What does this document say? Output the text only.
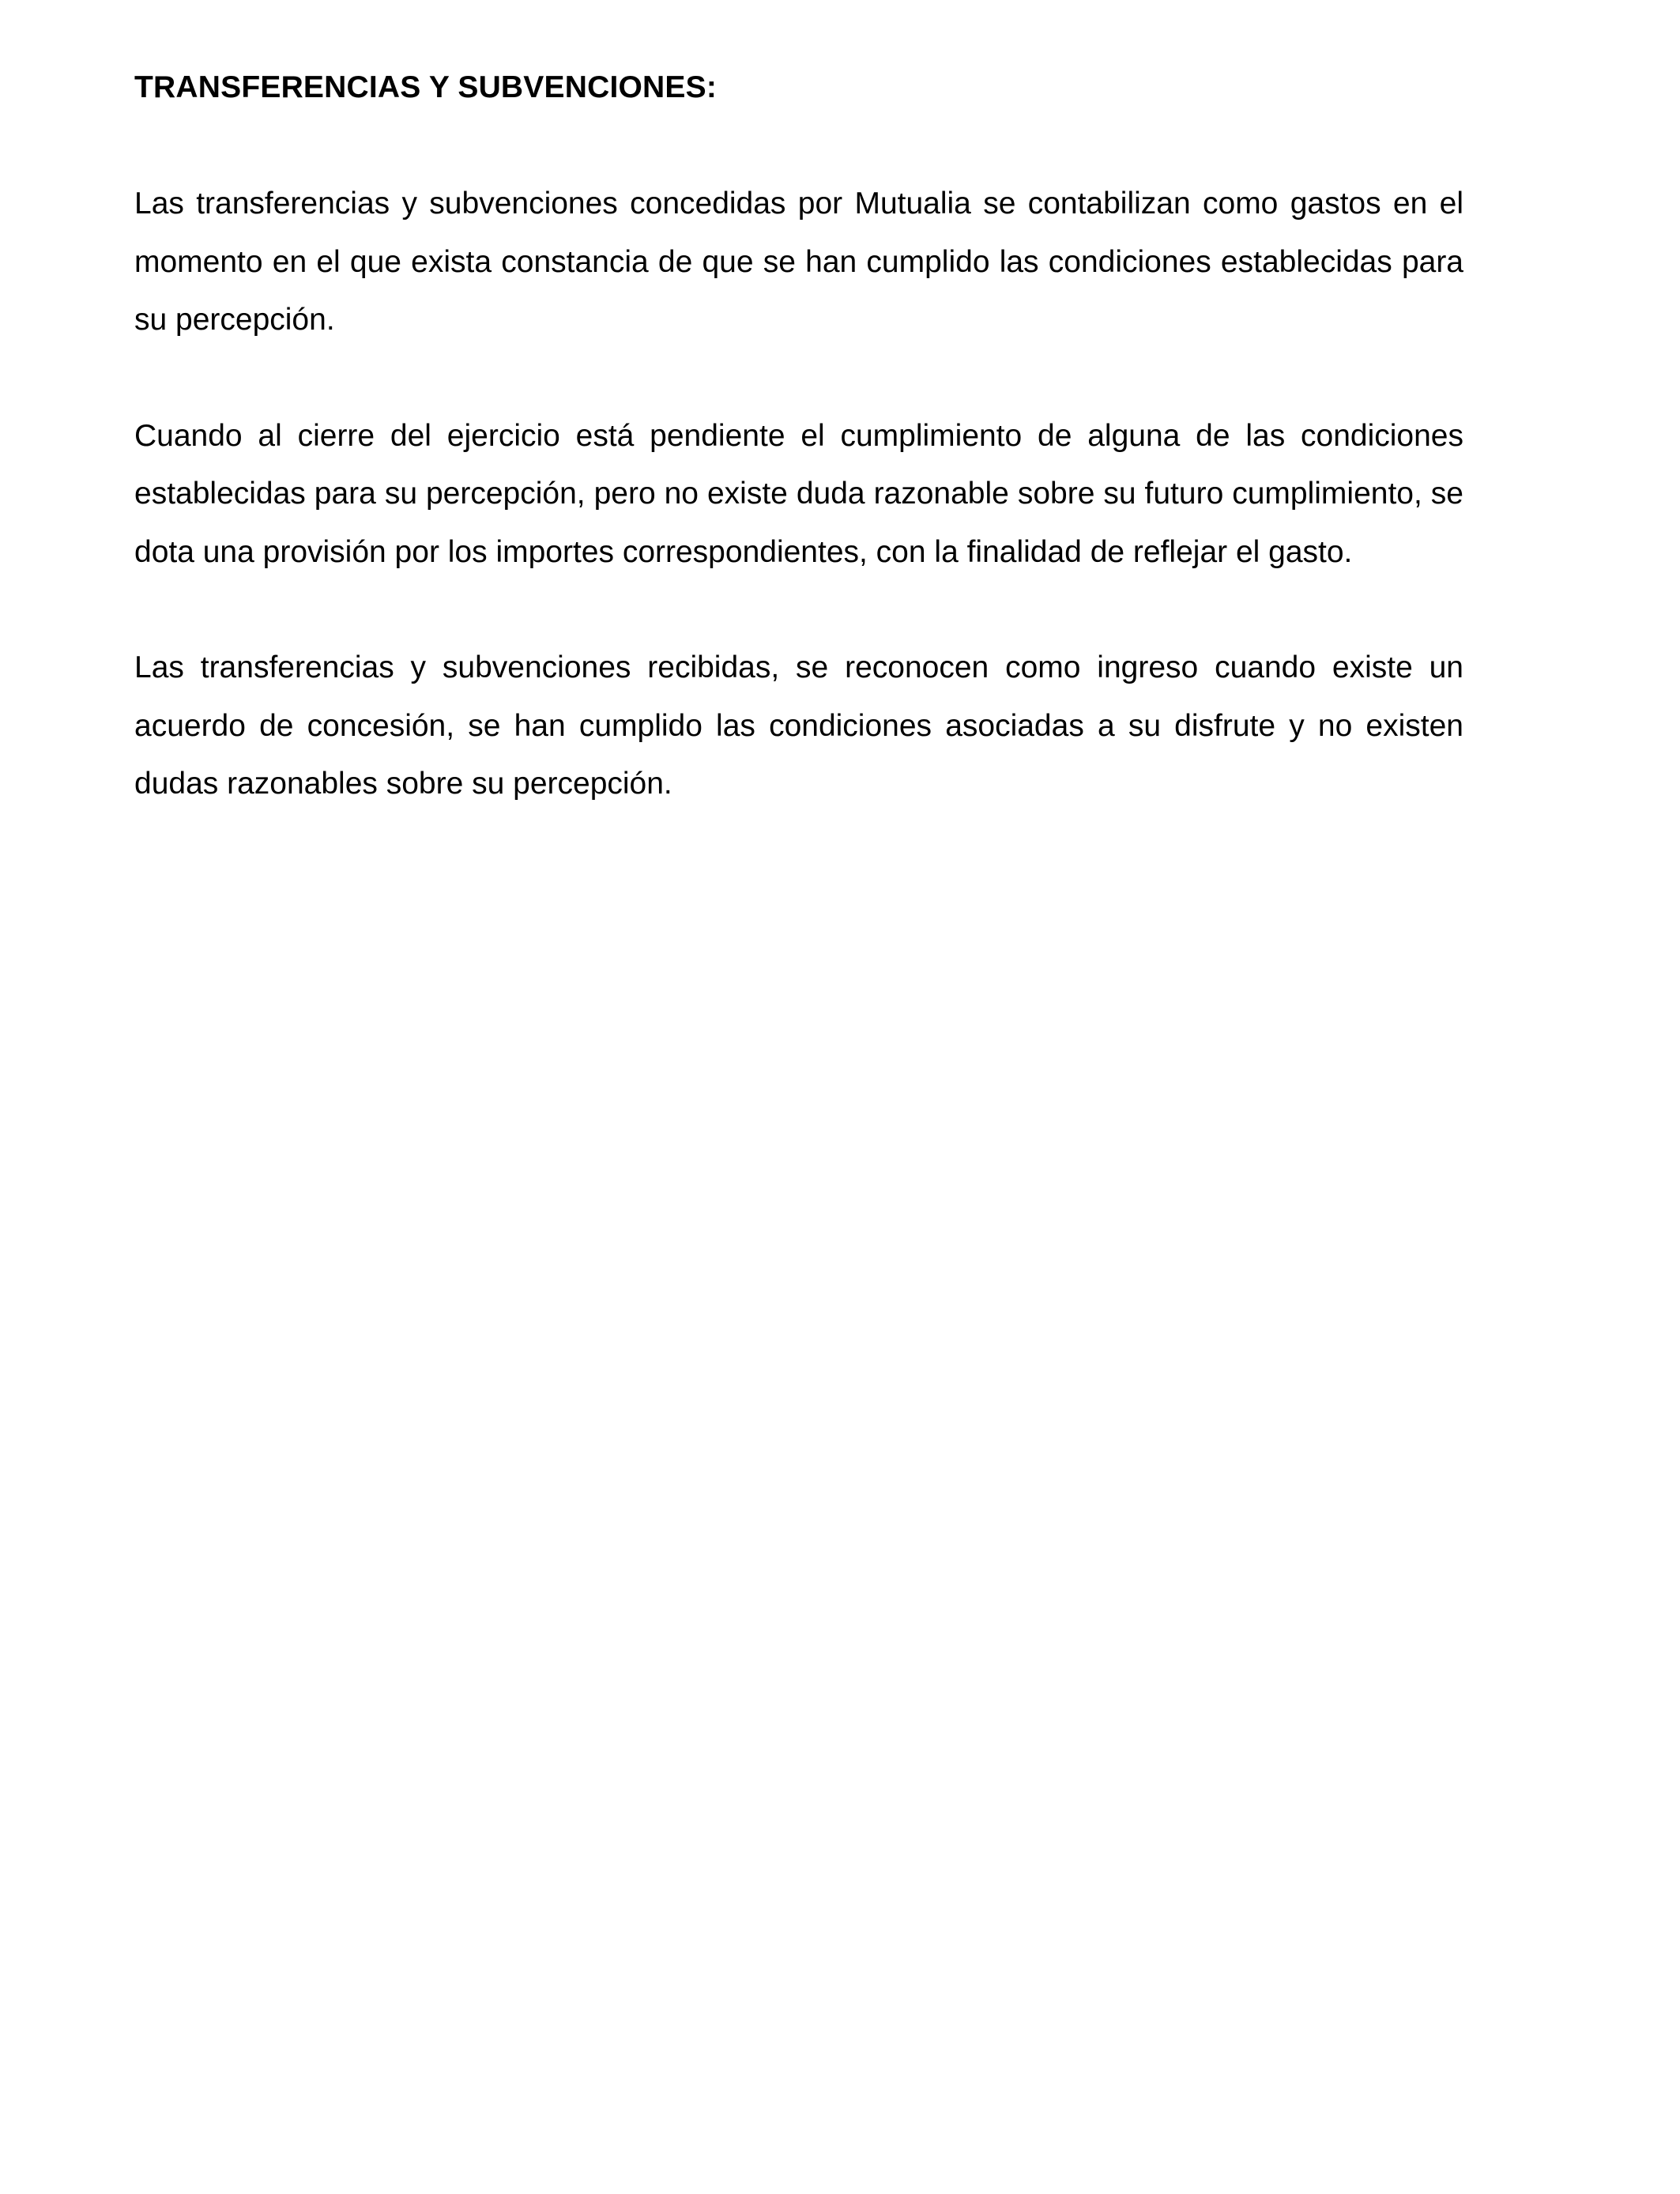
TRANSFERENCIAS Y SUBVENCIONES:

Las transferencias y subvenciones concedidas por Mutualia se contabilizan como gastos en el momento en el que exista constancia de que se han cumplido las condiciones establecidas para su percepción.

Cuando al cierre del ejercicio está pendiente el cumplimiento de alguna de las condiciones establecidas para su percepción, pero no existe duda razonable sobre su futuro cumplimiento, se dota una provisión por los importes correspondientes, con la finalidad de reflejar el gasto.

Las transferencias y subvenciones recibidas, se reconocen como ingreso cuando existe un acuerdo de concesión, se han cumplido las condiciones asociadas a su disfrute y no existen dudas razonables sobre su percepción.
